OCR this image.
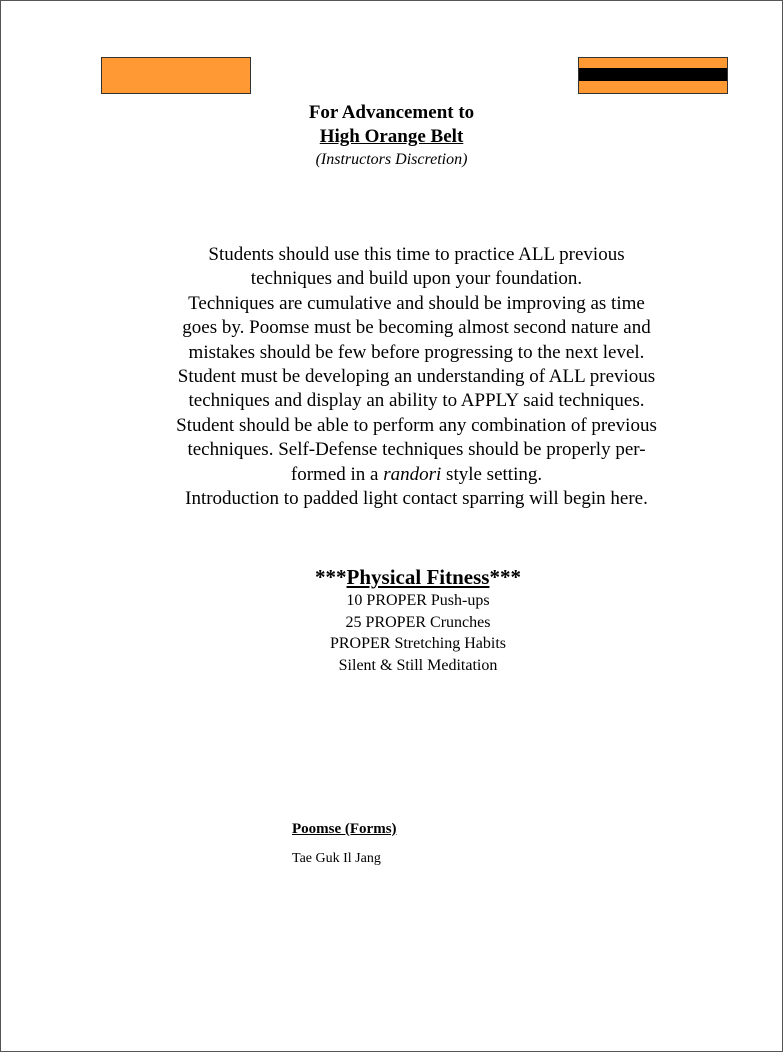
For Advancement to
High Orange Belt
(Instructors Discretion)
Students should use this time to practice ALL previous
techniques and build upon your foundation.
Techniques are cumulative and should be improving as time
goes by. Poomse must be becoming almost second nature and
mistakes should be few before progressing to the next level.
Student must be developing an understanding of ALL previous
techniques and display an ability to APPLY said techniques.
Student should be able to perform any combination of previous
techniques. Self-Defense techniques should be properly per-
formed in a randori style setting.
Introduction to padded light contact sparring will begin here.
***Physical Fitness***
10 PROPER Push-ups
25 PROPER Crunches
PROPER Stretching Habits
Silent & Still Meditation
Poomse (Forms)
Tae Guk Il Jang
